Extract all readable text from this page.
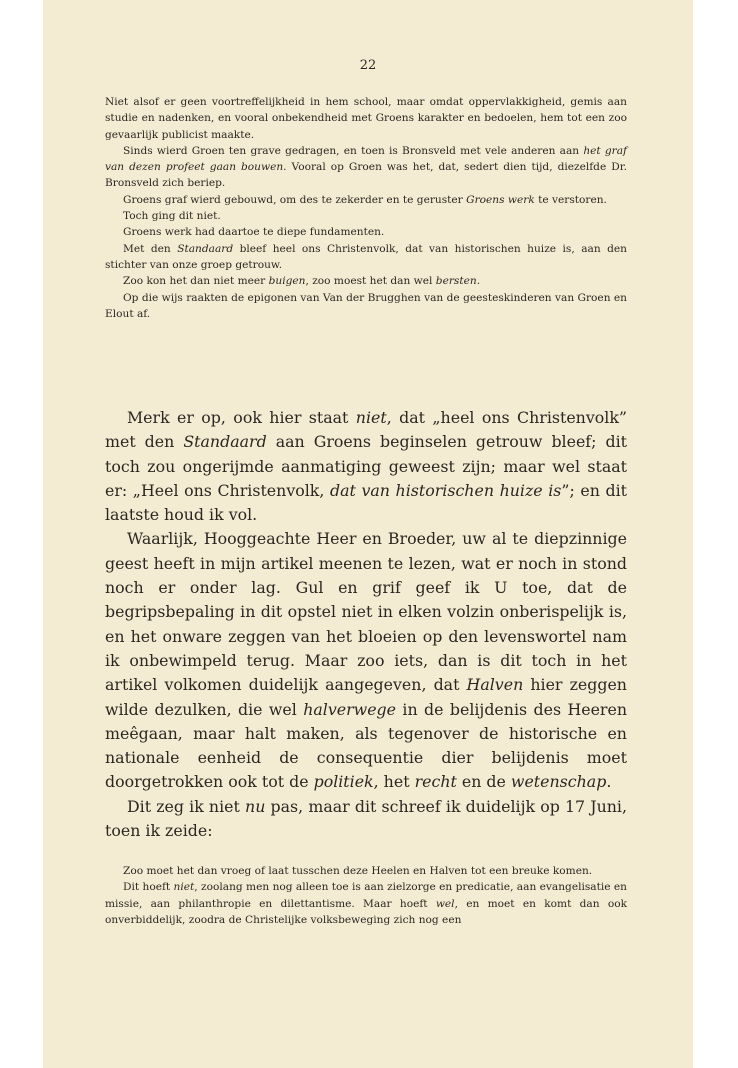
22

Niet alsof er geen voortreffelijkheid in hem school, maar omdat oppervlakkigheid, gemis aan studie en nadenken, en vooral onbekendheid met Groens karakter en bedoelen, hem tot een zoo gevaarlijk publicist maakte.

Sinds wierd Groen ten grave gedragen, en toen is Bronsveld met vele anderen aan het graf van dezen profeet gaan bouwen. Vooral op Groen was het, dat, sedert dien tijd, diezelfde Dr. Bronsveld zich beriep.

Groens graf wierd gebouwd, om des te zekerder en te geruster Groens werk te verstoren.

Toch ging dit niet.

Groens werk had daartoe te diepe fundamenten.

Met den Standaard bleef heel ons Christenvolk, dat van historischen huize is, aan den stichter van onze groep getrouw.

Zoo kon het dan niet meer buigen, zoo moest het dan wel bersten.

Op die wijs raakten de epigonen van Van der Brugghen van de geesteskinderen van Groen en Elout af.

Merk er op, ook hier staat niet, dat „heel ons Christenvolk” met den Standaard aan Groens beginselen getrouw bleef; dit toch zou ongerijmde aanmatiging geweest zijn; maar wel staat er: „Heel ons Christenvolk, dat van historischen huize is”; en dit laatste houd ik vol.

Waarlijk, Hooggeachte Heer en Broeder, uw al te diepzinnige geest heeft in mijn artikel meenen te lezen, wat er noch in stond noch er onder lag. Gul en grif geef ik U toe, dat de begripsbepaling in dit opstel niet in elken volzin onberispelijk is, en het onware zeggen van het bloeien op den levenswortel nam ik onbewimpeld terug. Maar zoo iets, dan is dit toch in het artikel volkomen duidelijk aangegeven, dat Halven hier zeggen wilde dezulken, die wel halverwege in de belijdenis des Heeren meêgaan, maar halt maken, als tegenover de historische en nationale eenheid de consequentie dier belijdenis moet doorgetrokken ook tot de politiek, het recht en de wetenschap.

Dit zeg ik niet nu pas, maar dit schreef ik duidelijk op 17 Juni, toen ik zeide:

Zoo moet het dan vroeg of laat tusschen deze Heelen en Halven tot een breuke komen.

Dit hoeft niet, zoolang men nog alleen toe is aan zielzorge en predicatie, aan evangelisatie en missie, aan philanthropie en dilettantisme. Maar hoeft wel, en moet en komt dan ook onverbiddelijk, zoodra de Christelijke volksbeweging zich nog een
